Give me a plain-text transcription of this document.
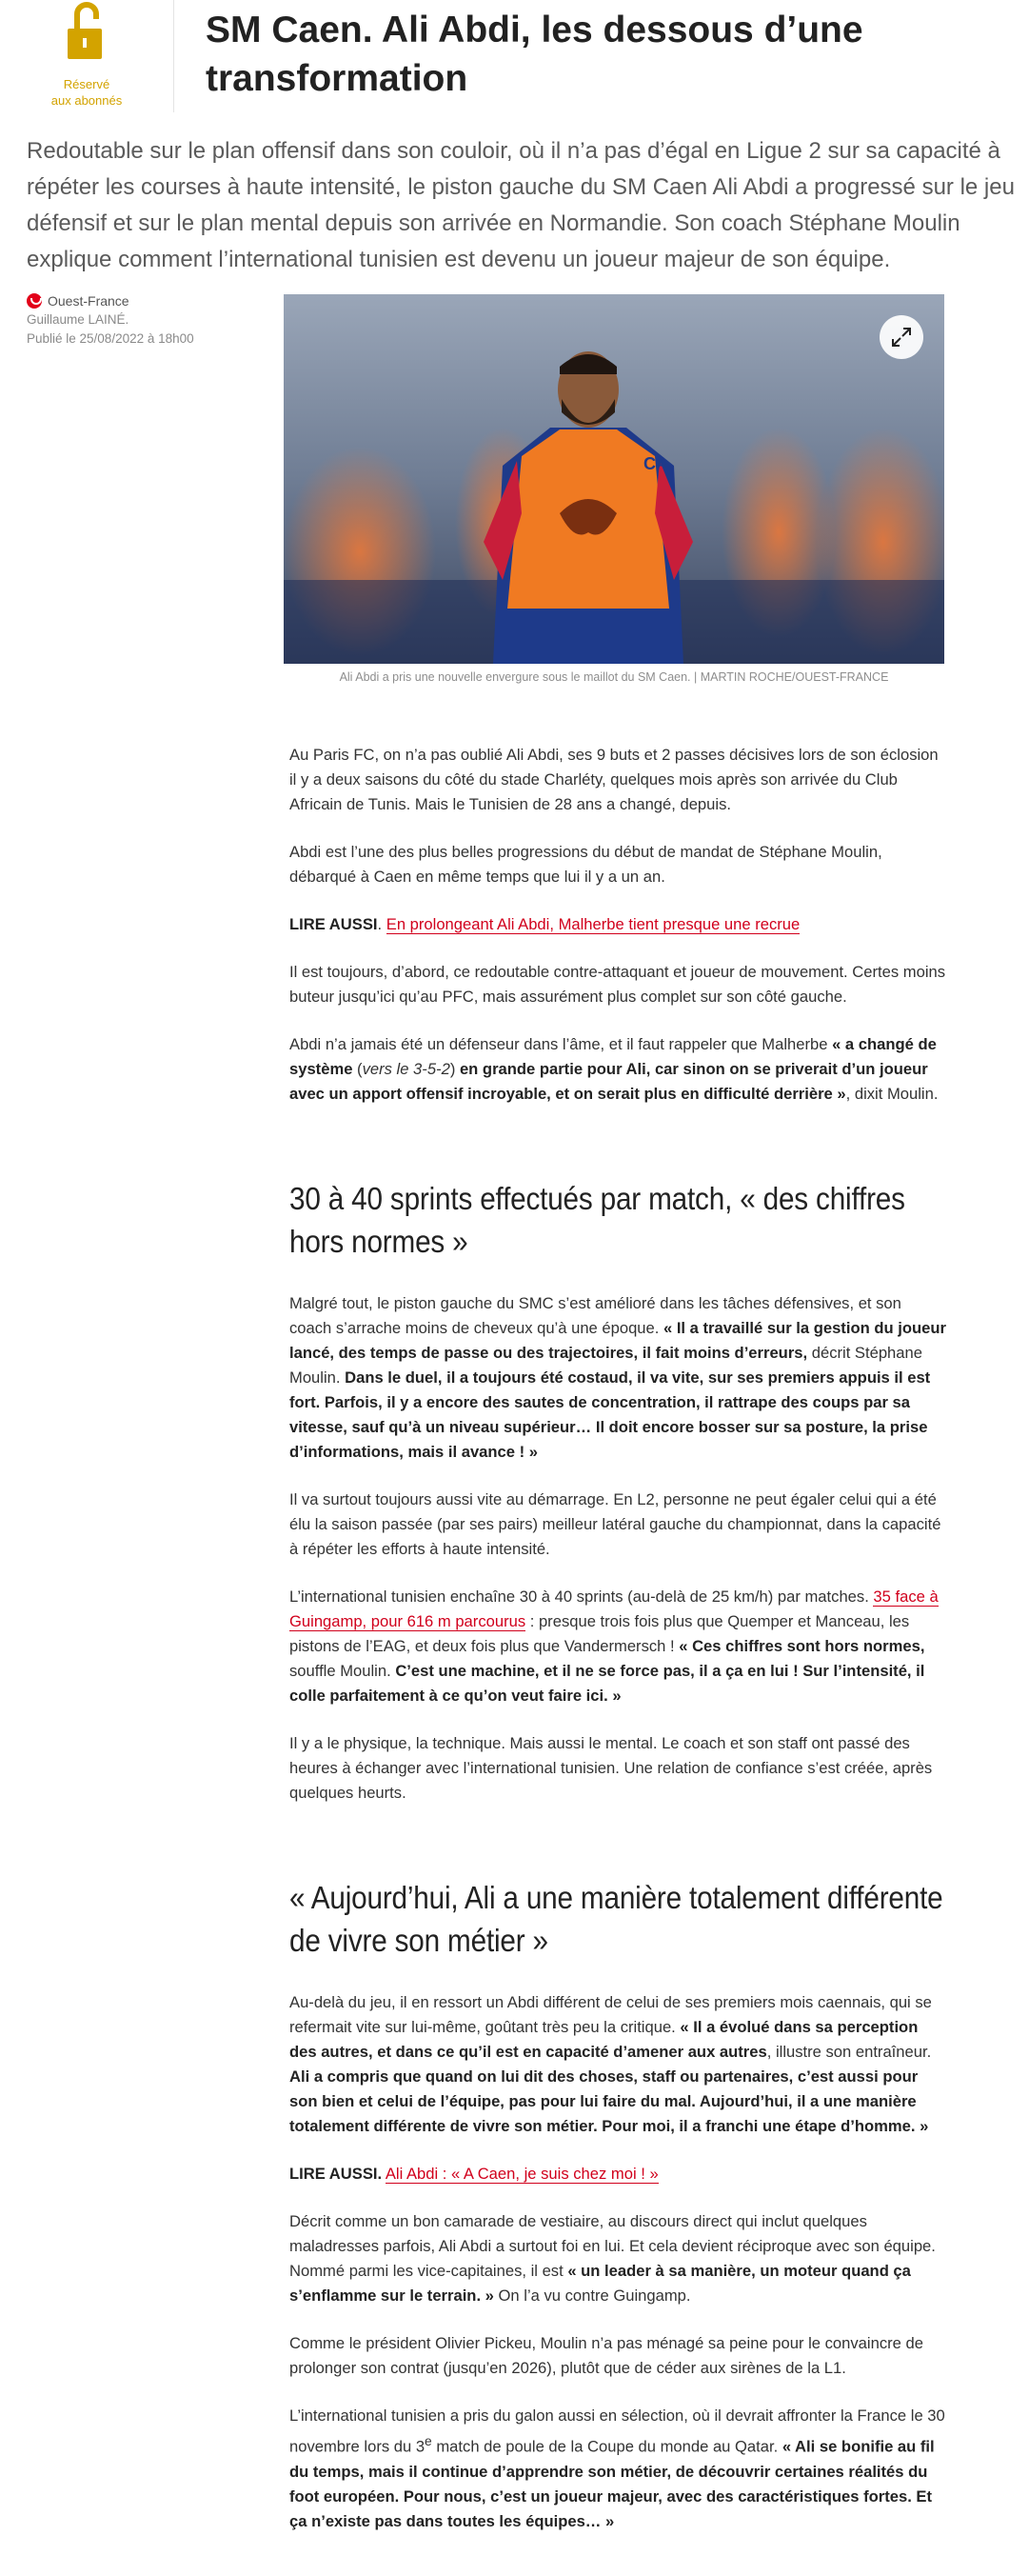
Réservé
aux abonnés
SM Caen. Ali Abdi, les dessous d’une transformation

Redoutable sur le plan offensif dans son couloir, où il n’a pas d’égal en Ligue 2 sur sa capacité à répéter les courses à haute intensité, le piston gauche du SM Caen Ali Abdi a progressé sur le jeu défensif et sur le plan mental depuis son arrivée en Normandie. Son coach Stéphane Moulin explique comment l’international tunisien est devenu un joueur majeur de son équipe.

Ouest-France
Guillaume LAINÉ.
Publié le 25/08/2022 à 18h00
CA
Ali Abdi a pris une nouvelle envergure sous le maillot du SM Caen. | MARTIN ROCHE/OUEST-FRANCE

Au Paris FC, on n’a pas oublié Ali Abdi, ses 9 buts et 2 passes décisives lors de son éclosion il y a deux saisons du côté du stade Charléty, quelques mois après son arrivée du Club Africain de Tunis. Mais le Tunisien de 28 ans a changé, depuis.

Abdi est l’une des plus belles progressions du début de mandat de Stéphane Moulin, débarqué à Caen en même temps que lui il y a un an.

LIRE AUSSI. En prolongeant Ali Abdi, Malherbe tient presque une recrue

Il est toujours, d’abord, ce redoutable contre-attaquant et joueur de mouvement. Certes moins buteur jusqu’ici qu’au PFC, mais assurément plus complet sur son côté gauche.

Abdi n’a jamais été un défenseur dans l’âme, et il faut rappeler que Malherbe « a changé de système (vers le 3-5-2) en grande partie pour Ali, car sinon on se priverait d’un joueur avec un apport offensif incroyable, et on serait plus en difficulté derrière », dixit Moulin.

30 à 40 sprints effectués par match, « des chiffres hors normes »

Malgré tout, le piston gauche du SMC s’est amélioré dans les tâches défensives, et son coach s’arrache moins de cheveux qu’à une époque. « Il a travaillé sur la gestion du joueur lancé, des temps de passe ou des trajectoires, il fait moins d’erreurs, décrit Stéphane Moulin. Dans le duel, il a toujours été costaud, il va vite, sur ses premiers appuis il est fort. Parfois, il y a encore des sautes de concentration, il rattrape des coups par sa vitesse, sauf qu’à un niveau supérieur… Il doit encore bosser sur sa posture, la prise d’informations, mais il avance ! »

Il va surtout toujours aussi vite au démarrage. En L2, personne ne peut égaler celui qui a été élu la saison passée (par ses pairs) meilleur latéral gauche du championnat, dans la capacité à répéter les efforts à haute intensité.

L’international tunisien enchaîne 30 à 40 sprints (au-delà de 25 km/h) par matches. 35 face à Guingamp, pour 616 m parcourus : presque trois fois plus que Quemper et Manceau, les pistons de l’EAG, et deux fois plus que Vandermersch ! « Ces chiffres sont hors normes, souffle Moulin. C’est une machine, et il ne se force pas, il a ça en lui ! Sur l’intensité, il colle parfaitement à ce qu’on veut faire ici. »

Il y a le physique, la technique. Mais aussi le mental. Le coach et son staff ont passé des heures à échanger avec l’international tunisien. Une relation de confiance s’est créée, après quelques heurts.

« Aujourd’hui, Ali a une manière totalement différente de vivre son métier »

Au-delà du jeu, il en ressort un Abdi différent de celui de ses premiers mois caennais, qui se refermait vite sur lui-même, goûtant très peu la critique. « Il a évolué dans sa perception des autres, et dans ce qu’il est en capacité d’amener aux autres, illustre son entraîneur. Ali a compris que quand on lui dit des choses, staff ou partenaires, c’est aussi pour son bien et celui de l’équipe, pas pour lui faire du mal. Aujourd’hui, il a une manière totalement différente de vivre son métier. Pour moi, il a franchi une étape d’homme. »

LIRE AUSSI. Ali Abdi : « A Caen, je suis chez moi ! »

Décrit comme un bon camarade de vestiaire, au discours direct qui inclut quelques maladresses parfois, Ali Abdi a surtout foi en lui. Et cela devient réciproque avec son équipe. Nommé parmi les vice-capitaines, il est « un leader à sa manière, un moteur quand ça s’enflamme sur le terrain. » On l’a vu contre Guingamp.

Comme le président Olivier Pickeu, Moulin n’a pas ménagé sa peine pour le convaincre de prolonger son contrat (jusqu’en 2026), plutôt que de céder aux sirènes de la L1.

L’international tunisien a pris du galon aussi en sélection, où il devrait affronter la France le 30 novembre lors du 3e match de poule de la Coupe du monde au Qatar. « Ali se bonifie au fil du temps, mais il continue d’apprendre son métier, de découvrir certaines réalités du foot européen. Pour nous, c’est un joueur majeur, avec des caractéristiques fortes. Et ça n’existe pas dans toutes les équipes… »
